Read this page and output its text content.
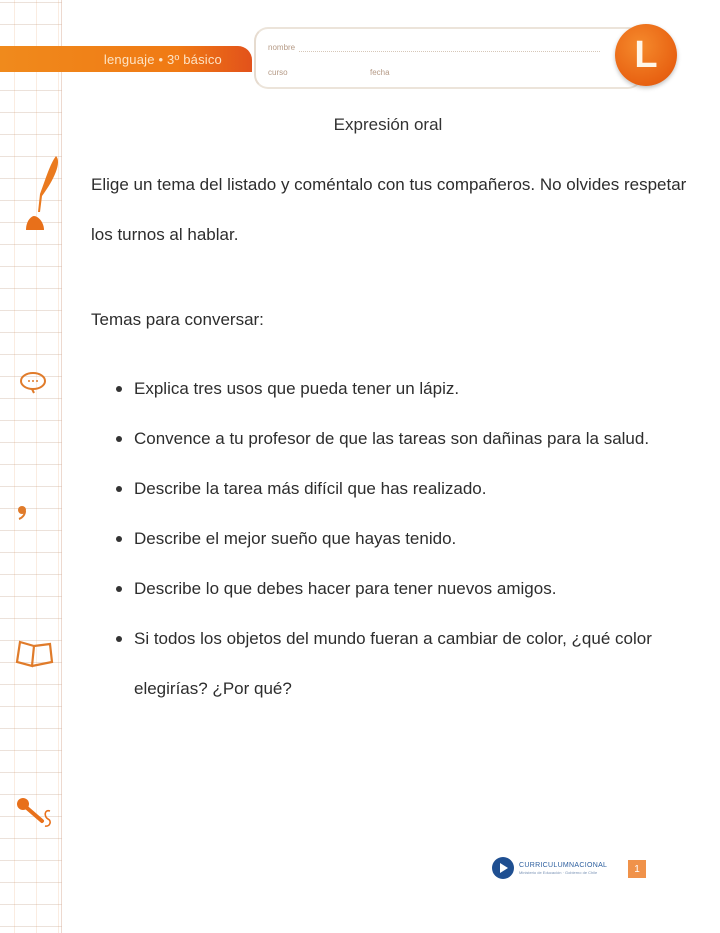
lenguaje • 3º básico
nombre
curso	fecha	L
Expresión oral
Elige un tema del listado y coméntalo con tus compañeros. No olvides respetar los turnos al hablar.
Temas para conversar:
Explica tres usos que pueda tener un lápiz.
Convence a tu profesor de que las tareas son dañinas para la salud.
Describe la tarea más difícil que has realizado.
Describe el mejor sueño que hayas tenido.
Describe lo que debes hacer para tener nuevos amigos.
Si todos los objetos del mundo fueran a cambiar de color, ¿qué color elegirías? ¿Por qué?
CURRICULUMNACIONAL
Ministerio de Educación · Gobierno de Chile	1
